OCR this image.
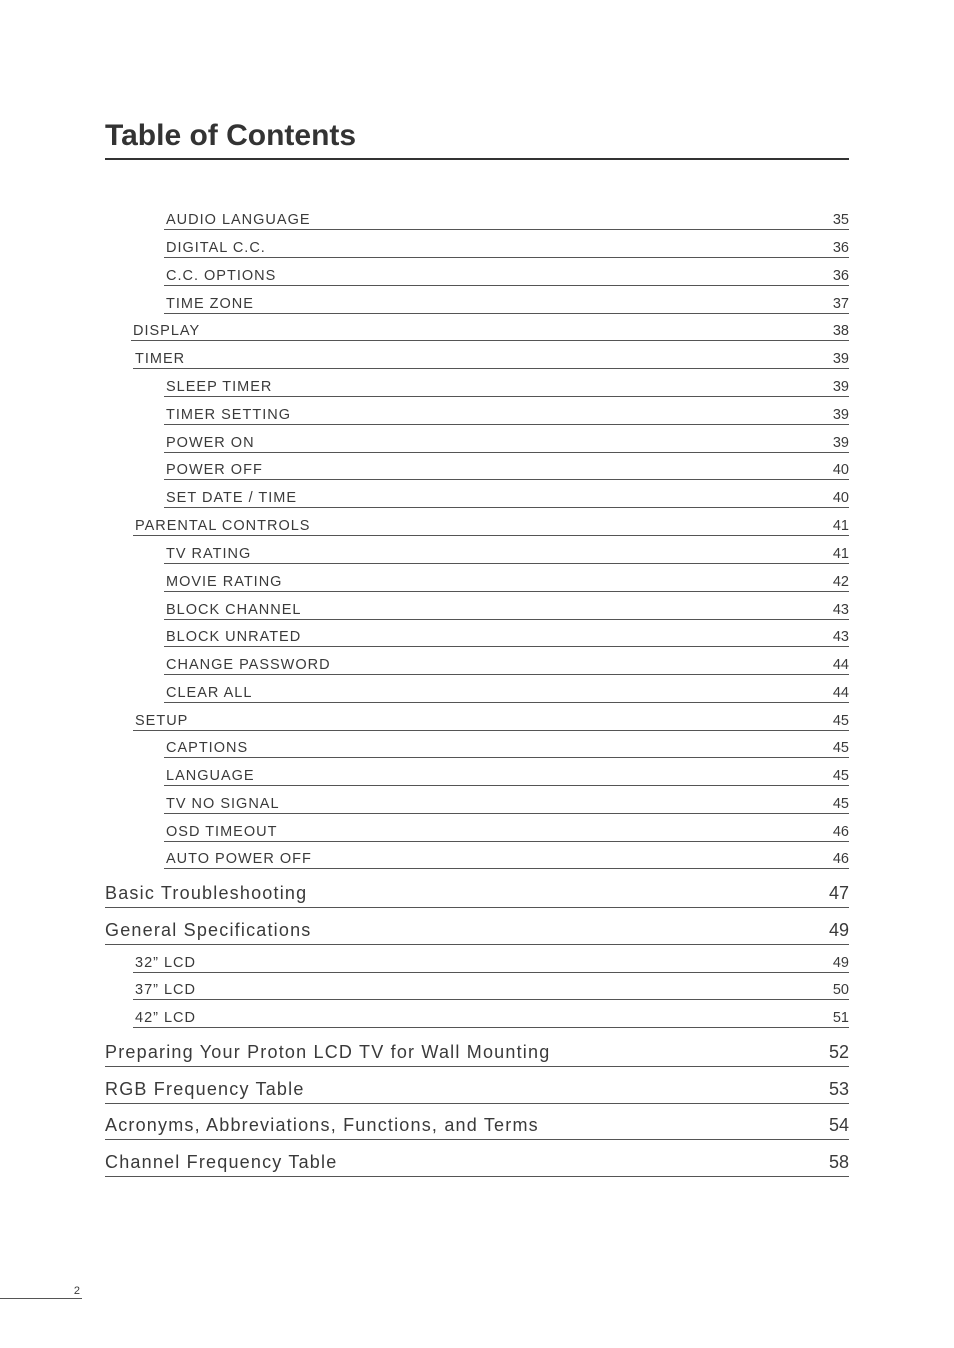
Table of Contents
AUDIO LANGUAGE	35
DIGITAL C.C.	36
C.C. OPTIONS	36
TIME ZONE	37
DISPLAY	38
TIMER	39
SLEEP TIMER	39
TIMER SETTING	39
POWER ON	39
POWER OFF	40
SET DATE / TIME	40
PARENTAL CONTROLS	41
TV RATING	41
MOVIE RATING	42
BLOCK CHANNEL	43
BLOCK UNRATED	43
CHANGE PASSWORD	44
CLEAR ALL	44
SETUP	45
CAPTIONS	45
LANGUAGE	45
TV NO SIGNAL	45
OSD TIMEOUT	46
AUTO POWER OFF	46
Basic Troubleshooting	47
General Specifications	49
32” LCD	49
37” LCD	50
42” LCD	51
Preparing Your Proton LCD TV for Wall Mounting	52
RGB Frequency Table	53
Acronyms, Abbreviations, Functions, and Terms	54
Channel Frequency Table	58
2
